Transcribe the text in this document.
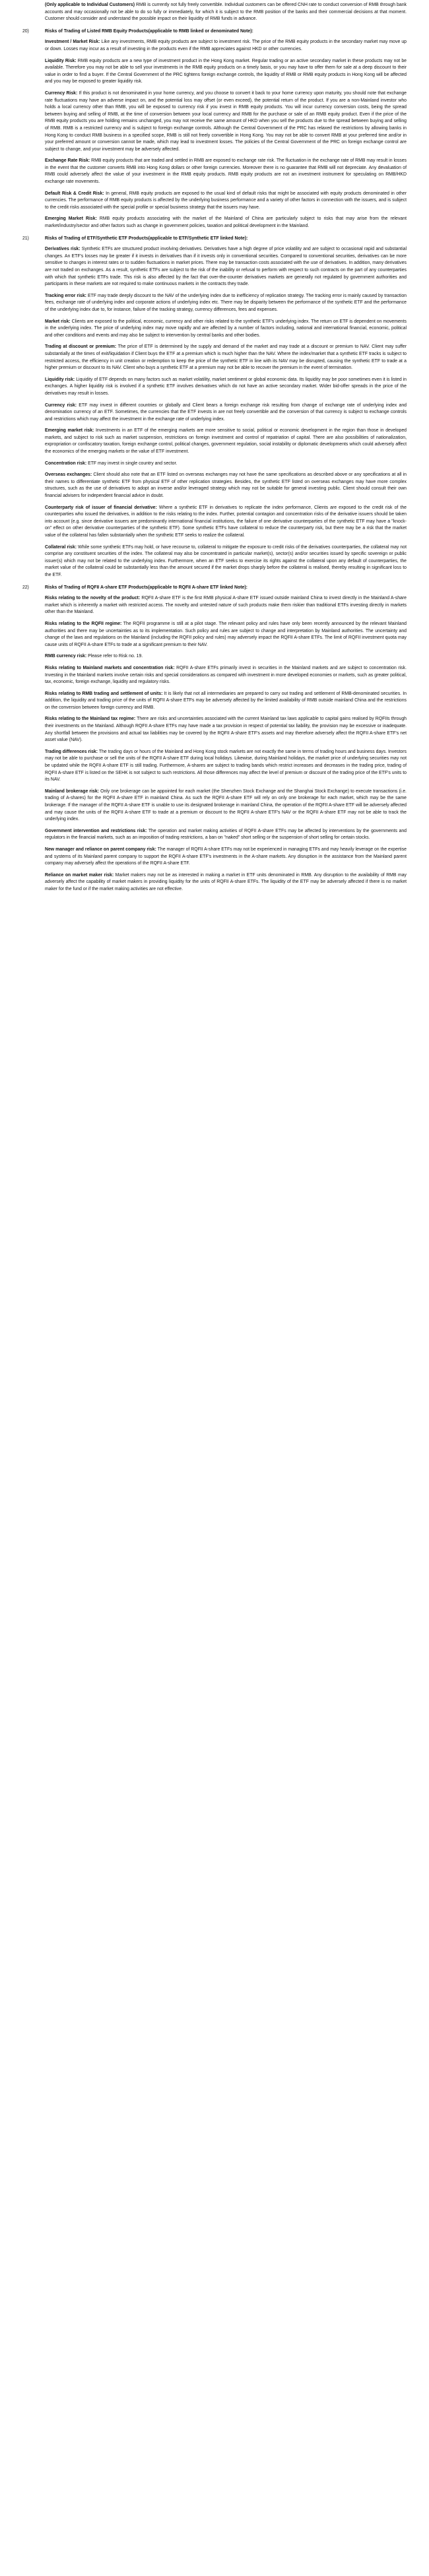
(Only applicable to Individual Customers) RMB is currently not fully freely convertible. Individual customers can be offered CNH rate to conduct conversion of RMB through bank accounts and may occasionally not be able to do so fully or immediately, for which it is subject to the RMB position of the banks and their commercial decisions at that moment. Customer should consider and understand the possible impact on their liquidity of RMB funds in advance.
20)	Risks of Trading of Listed RMB Equity Products(applicable to RMB linked or denominated Note):
Investment / Market Risk: Like any investments, RMB equity products are subject to investment risk. The price of the RMB equity products in the secondary market may move up or down. Losses may incur as a result of investing in the products even if the RMB appreciates against HKD or other currencies.
Liquidity Risk: RMB equity products are a new type of investment product in the Hong Kong market. Regular trading or an active secondary market in these products may not be available. Therefore you may not be able to sell your investments in the RMB equity products on a timely basis, or you may have to offer them for sale at a deep discount to their value in order to find a buyer. If the Central Government of the PRC tightens foreign exchange controls, the liquidity of RMB or RMB equity products in Hong Kong will be affected and you may be exposed to greater liquidity risk.
Currency Risk: If this product is not denominated in your home currency, and you choose to convert it back to your home currency upon maturity, you should note that exchange rate fluctuations may have an adverse impact on, and the potential loss may offset (or even exceed), the potential return of the product. If you are a non-Mainland investor who holds a local currency other than RMB, you will be exposed to currency risk if you invest in RMB equity products. You will incur currency conversion costs, being the spread between buying and selling of RMB, at the time of conversion between your local currency and RMB for the purchase or sale of an RMB equity product. Even if the price of the RMB equity products you are holding remains unchanged, you may not receive the same amount of HKD when you sell the products due to the spread between buying and selling of RMB. RMB is a restricted currency and is subject to foreign exchange controls. Although the Central Government of the PRC has relaxed the restrictions by allowing banks in Hong Kong to conduct RMB business in a specified scope, RMB is still not freely convertible in Hong Kong. You may not be able to convert RMB at your preferred time and/or in your preferred amount or conversion cannot be made, which may lead to investment losses. The policies of the Central Government of the PRC on foreign exchange control are subject to change, and your investment may be adversely affected.
Exchange Rate Risk: RMB equity products that are traded and settled in RMB are exposed to exchange rate risk. The fluctuation in the exchange rate of RMB may result in losses in the event that the customer converts RMB into Hong Kong dollars or other foreign currencies. Moreover there is no guarantee that RMB will not depreciate. Any devaluation of RMB could adversely affect the value of your investment in the RMB equity products. RMB equity products are not an investment instrument for speculating on RMB/HKD exchange rate movements.
Default Risk & Credit Risk: In general, RMB equity products are exposed to the usual kind of default risks that might be associated with equity products denominated in other currencies. The performance of RMB equity products is affected by the underlying business performance and a variety of other factors in connection with the issuers, and is subject to the credit risks associated with the special profile or special business strategy that the issuers may have.
Emerging Market Risk: RMB equity products associating with the market of the Mainland of China are particularly subject to risks that may arise from the relevant market/industry/sector and other factors such as change in government policies, taxation and political development in the Mainland.
21)	Risks of Trading of ETF/Synthetic ETF Products(applicable to ETF/Synthetic ETF linked Note):
Derivatives risk: Synthetic ETFs are structured product involving derivatives. Derivatives have a high degree of price volatility and are subject to occasional rapid and substantial changes. An ETF's losses may be greater if it invests in derivatives than if it invests only in conventional securities. Compared to conventional securities, derivatives can be more sensitive to changes in interest rates or to sudden fluctuations in market prices. There may be transaction costs associated with the use of derivatives. In addition, many derivatives are not traded on exchanges. As a result, synthetic ETFs are subject to the risk of the inability or refusal to perform with respect to such contracts on the part of any counterparties with which that synthetic ETFs trade. This risk is also affected by the fact that over-the-counter derivatives markets are generally not regulated by government authorities and participants in these markets are not required to make continuous markets in the contracts they trade.
Tracking error risk: ETF may trade deeply discount to the NAV of the underlying index due to inefficiency of replication strategy. The tracking error is mainly caused by transaction fees, exchange rate of underlying index and corporate actions of underlying index etc. There may be disparity between the performance of the synthetic ETF and the performance of the underlying index due to, for instance, failure of the tracking strategy, currency differences, fees and expenses.
Market risk: Clients are exposed to the political, economic, currency and other risks related to the synthetic ETF's underlying index. The return on ETF is dependent on movements in the underlying index. The price of underlying index may move rapidly and are affected by a number of factors including, national and international financial, economic, political and other conditions and events and may also be subject to intervention by central banks and other bodies.
Trading at discount or premium: The price of ETF is determined by the supply and demand of the market and may trade at a discount or premium to NAV. Client may suffer substantially at the times of exit/liquidation if Client buys the ETF at a premium which is much higher than the NAV. Where the index/market that a synthetic ETF tracks is subject to restricted access, the efficiency in unit creation or redemption to keep the price of the synthetic ETF in line with its NAV may be disrupted, causing the synthetic ETF to trade at a higher premium or discount to its NAV. Client who buys a synthetic ETF at a premium may not be able to recover the premium in the event of termination.
Liquidity risk: Liquidity of ETF depends on many factors such as market volatility, market sentiment or global economic data. Its liquidity may be poor sometimes even it is listed in exchanges. A higher liquidity risk is involved if a synthetic ETF involves derivatives which do not have an active secondary market. Wider bid-offer spreads in the price of the derivatives may result in losses.
Currency risk: ETF may invest in different countries or globally and Client bears a foreign exchange risk resulting from change of exchange rate of underlying index and denomination currency of an ETF. Sometimes, the currencies that the ETF invests in are not freely convertible and the conversion of that currency is subject to exchange controls and restrictions which may affect the investment in the exchange rate of underlying index.
Emerging market risk: Investments in an ETF of the emerging markets are more sensitive to social, political or economic development in the region than those in developed markets, and subject to risk such as market suspension, restrictions on foreign investment and control of repatriation of capital. There are also possibilities of nationalization, expropriation or confiscatory taxation, foreign exchange control, political changes, government regulation, social instability or diplomatic developments which could adversely affect the economics of the emerging markets or the value of ETF investment.
Concentration risk: ETF may invest in single country and sector.
Overseas exchanges: Client should also note that an ETF listed on overseas exchanges may not have the same specifications as described above or any specifications at all in their names to differentiate synthetic ETF from physical ETF of other replication strategies. Besides, the synthetic ETF listed on overseas exchanges may have more complex structures, such as the use of derivatives to adopt an inverse and/or leveraged strategy which may not be suitable for general investing public. Client should consult their own financial advisers for independent financial advice in doubt.
Counterparty risk of issuer of financial derivative: Where a synthetic ETF in derivatives to replicate the index performance, Clients are exposed to the credit risk of the counterparties who issued the derivatives, in addition to the risks relating to the index. Further, potential contagion and concentration risks of the derivative issuers should be taken into account (e.g. since derivative issuers are predominantly international financial institutions, the failure of one derivative counterparties of the synthetic ETF may have a "knock-on" effect on other derivative counterparties of the synthetic ETF). Some synthetic ETFs have collateral to reduce the counterparty risk, but there may be a risk that the market value of the collateral has fallen substantially when the synthetic ETF seeks to realize the collateral.
Collateral risk: While some synthetic ETFs may hold, or have recourse to, collateral to mitigate the exposure to credit risks of the derivatives counterparties, the collateral may not comprise any constituent securities of the index. The collateral may also be concentrated in particular market(s), sector(s) and/or securities issued by specific sovereign or public issuer(s) which may not be related to the underlying index. Furthermore, when an ETF seeks to exercise its rights against the collateral upon any default of counterparties, the market value of the collateral could be substantially less than the amount secured if the market drops sharply before the collateral is realised, thereby resulting in significant loss to the ETF.
22)	Risks of Trading of RQFII A-share ETF Products(applicable to RQFII A-share ETF linked Note):
Risks relating to the novelty of the product: RQFII A-share ETF is the first RMB physical A-share ETF issued outside mainland China to invest directly in the Mainland A-share market which is inherently a market with restricted access. The novelty and untested nature of such products make them riskier than traditional ETFs investing directly in markets other than the Mainland.
Risks relating to the RQFII regime: The RQFII programme is still at a pilot stage. The relevant policy and rules have only been recently announced by the relevant Mainland authorities and there may be uncertainties as to its implementation. Such policy and rules are subject to change and interpretation by Mainland authorities. The uncertainty and change of the laws and regulations on the Mainland (including the RQFII policy and rules) may adversely impact the RQFII A-share ETFs. The limit of RQFII investment quota may cause units of RQFII A-share ETFs to trade at a significant premium to their NAV.
RMB currency risk: Please refer to Risk no. 19.
Risks relating to Mainland markets and concentration risk: RQFII A-share ETFs primarily invest in securities in the Mainland markets and are subject to concentration risk. Investing in the Mainland markets involve certain risks and special considerations as compared with investment in more developed economies or markets, such as greater political, tax, economic, foreign exchange, liquidity and regulatory risks.
Risks relating to RMB trading and settlement of units: It is likely that not all intermediaries are prepared to carry out trading and settlement of RMB-denominated securities. In addition, the liquidity and trading price of the units of RQFII A-share ETFs may be adversely affected by the limited availability of RMB outside mainland China and the restrictions on the conversion between foreign currency and RMB.
Risks relating to the Mainland tax regime: There are risks and uncertainties associated with the current Mainland tax laws applicable to capital gains realised by RQFIIs through their investments on the Mainland. Although RQFII A-share ETFs may have made a tax provision in respect of potential tax liability, the provision may be excessive or inadequate. Any shortfall between the provisions and actual tax liabilities may be covered by the RQFII A-share ETF's assets and may therefore adversely affect the RQFII A-share ETF's net asset value (NAV).
Trading differences risk: The trading days or hours of the Mainland and Hong Kong stock markets are not exactly the same in terms of trading hours and business days. Investors may not be able to purchase or sell the units of the RQFII A-share ETF during local holidays. Likewise, during Mainland holidays, the market price of underlying securities may not be updated while the RQFII A-share ETF is still trading. Furthermore, A-shares are subject to trading bands which restrict increases and decreases in the trading price, trading of RQFII A-share ETF is listed on the SEHK is not subject to such restrictions. All those differences may affect the level of premium or discount of the trading price of the ETF's units to its NAV.
Mainland brokerage risk: Only one brokerage can be appointed for each market (the Shenzhen Stock Exchange and the Shanghai Stock Exchange) to execute transactions (i.e. trading of A-shares) for the RQFII A-share ETF in mainland China. As such the RQFII A-share ETF will rely on only one brokerage for each market, which may be the same brokerage. If the manager of the RQFII A-share ETF is unable to use its designated brokerage in mainland China, the operation of the RQFII A-share ETF will be adversely affected and may cause the units of the RQFII A-share ETF to trade at a premium or discount to the RQFII A-share ETF's NAV or the RQFII A-share ETF may not be able to track the underlying index.
Government intervention and restrictions risk: The operation and market making activities of RQFII A-share ETFs may be affected by interventions by the governments and regulators in the financial markets, such as an imposition of trading restrictions, a ban on "naked" short selling or the suspension of short selling for certain stocks.
New manager and reliance on parent company risk: The manager of RQFII A-share ETFs may not be experienced in managing ETFs and may heavily leverage on the expertise and systems of its Mainland parent company to support the RQFII A-share ETF's investments in the A-share markets. Any disruption in the assistance from the Mainland parent company may adversely affect the operations of the RQFII A-share ETF.
Reliance on market maker risk: Market makers may not be as interested in making a market in ETF units denominated in RMB. Any disruption to the availability of RMB may adversely affect the capability of market makers in providing liquidity for the units of RQFII A-share ETFs. The liquidity of the ETF may be adversely affected if there is no market maker for the fund or if the market making activities are not effective.
